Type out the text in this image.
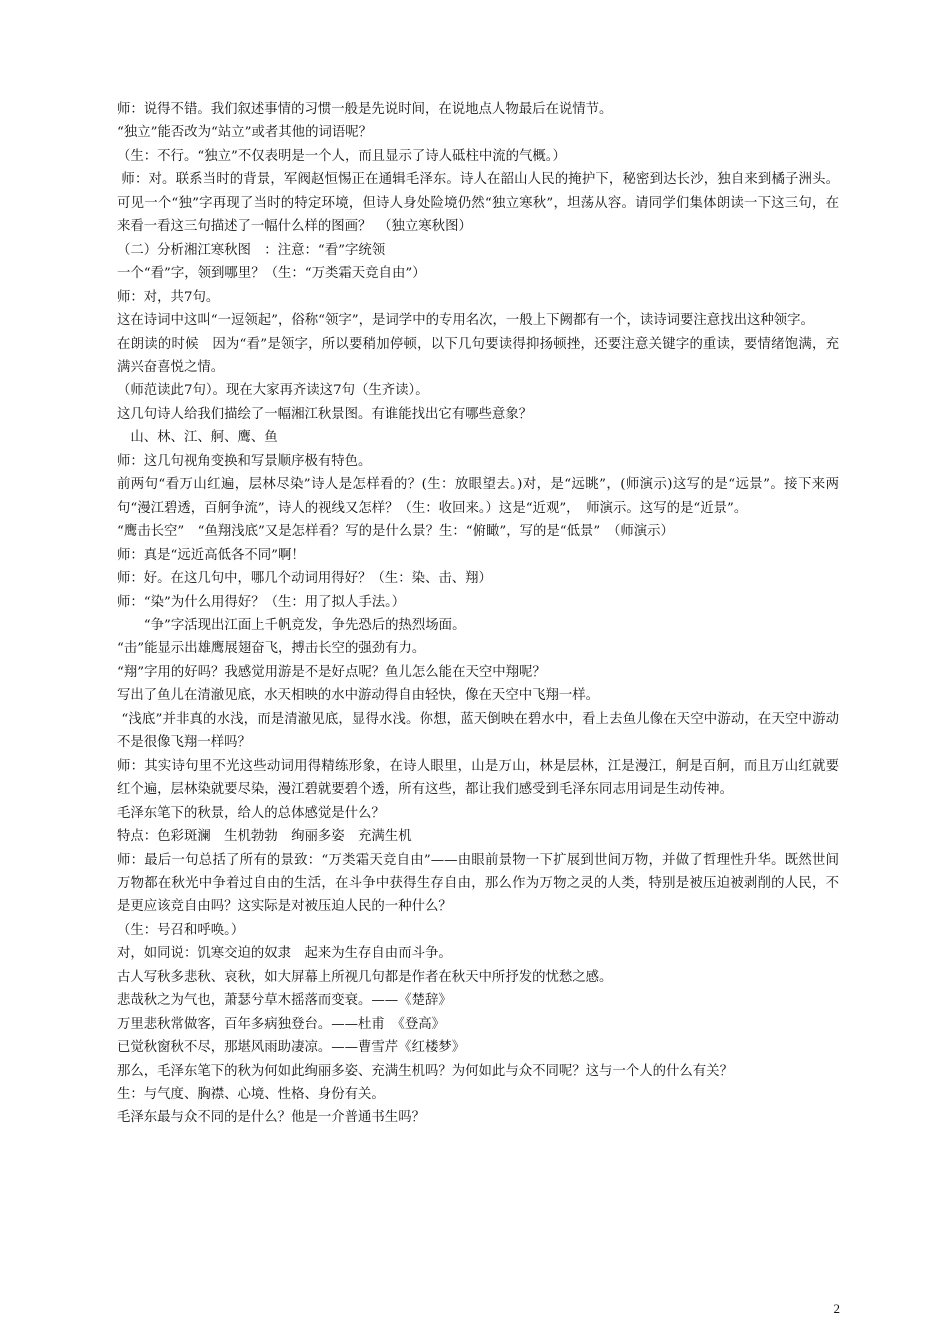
师：说得不错。我们叙述事情的习惯一般是先说时间，在说地点人物最后在说情节。

“独立”能否改为“站立”或者其他的词语呢？

（生：不行。“独立”不仅表明是一个人，而且显示了诗人砥柱中流的气概。）

师：对。联系当时的背景，军阀赵恒惕正在通辑毛泽东。诗人在韶山人民的掩护下，秘密到达长沙，独自来到橘子洲头。可见一个“独”字再现了当时的特定环境，但诗人身处险境仍然“独立寒秋”，坦荡从容。请同学们集体朗读一下这三句，在来看一看这三句描述了一幅什么样的图画？　（独立寒秋图）

（二）分析湘江寒秋图　：注意：“看”字统领

一个“看”字，领到哪里？（生：“万类霜天竞自由”）

师：对，共7句。

这在诗词中这叫“一逗领起”，俗称“领字”，是词学中的专用名次，一般上下阙都有一个，读诗词要注意找出这种领字。

在朗读的时候　因为“看”是领字，所以要稍加停顿，以下几句要读得抑扬顿挫，还要注意关键字的重读，要情绪饱满，充满兴奋喜悦之情。

（师范读此7句）。现在大家再齐读这7句（生齐读）。

这几句诗人给我们描绘了一幅湘江秋景图。有谁能找出它有哪些意象？

　山、林、江、舸、鹰、鱼

师：这几句视角变换和写景顺序极有特色。

前两句“看万山红遍，层林尽染”诗人是怎样看的？(生：放眼望去。)对，是“远眺”，(师演示)这写的是“远景”。接下来两句“漫江碧透，百舸争流”，诗人的视线又怎样？（生：收回来。）这是“近观”，　师演示。这写的是“近景”。

“鹰击长空”　“鱼翔浅底”又是怎样看？写的是什么景？生：“俯瞰”，写的是“低景”　（师演示）

师：真是“远近高低各不同”啊！

师：好。在这几句中，哪几个动词用得好？（生：染、击、翔）

师：“染”为什么用得好？（生：用了拟人手法。）

　　“争”字活现出江面上千帆竞发，争先恐后的热烈场面。

“击”能显示出雄鹰展翅奋飞，搏击长空的强劲有力。

“翔”字用的好吗？我感觉用游是不是好点呢？鱼儿怎么能在天空中翔呢？

写出了鱼儿在清澈见底，水天相映的水中游动得自由轻快，像在天空中飞翔一样。

“浅底”并非真的水浅，而是清澈见底，显得水浅。你想，蓝天倒映在碧水中，看上去鱼儿像在天空中游动，在天空中游动不是很像飞翔一样吗？

师：其实诗句里不光这些动词用得精练形象，在诗人眼里，山是万山，林是层林，江是漫江，舸是百舸，而且万山红就要红个遍，层林染就要尽染，漫江碧就要碧个透，所有这些，都让我们感受到毛泽东同志用词是生动传神。

毛泽东笔下的秋景，给人的总体感觉是什么？

特点：色彩斑澜　生机勃勃　绚丽多姿　充满生机

师：最后一句总括了所有的景致：“万类霜天竞自由”——由眼前景物一下扩展到世间万物，并做了哲理性升华。既然世间万物都在秋光中争着过自由的生活，在斗争中获得生存自由，那么作为万物之灵的人类，特别是被压迫被剥削的人民，不是更应该竞自由吗？这实际是对被压迫人民的一种什么？

（生：号召和呼唤。）

对，如同说：饥寒交迫的奴隶　起来为生存自由而斗争。

古人写秋多悲秋、哀秋，如大屏幕上所视几句都是作者在秋天中所抒发的忧愁之感。

悲哉秋之为气也，萧瑟兮草木摇落而变衰。——《楚辞》

万里悲秋常做客，百年多病独登台。——杜甫　《登高》

已觉秋窗秋不尽，那堪风雨助凄凉。——曹雪芹《红楼梦》

那么，毛泽东笔下的秋为何如此绚丽多姿、充满生机吗？为何如此与众不同呢？这与一个人的什么有关？

生：与气度、胸襟、心境、性格、身份有关。

毛泽东最与众不同的是什么？他是一介普通书生吗？

2
